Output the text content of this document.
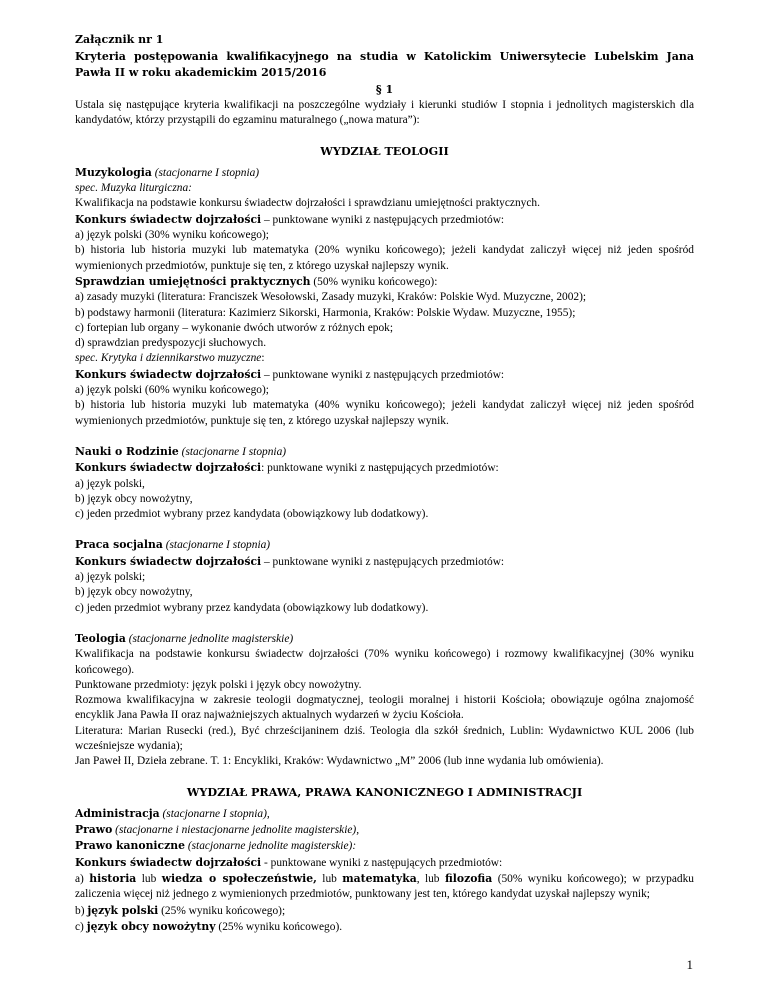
Załącznik nr 1
Kryteria postępowania kwalifikacyjnego na studia w Katolickim Uniwersytecie Lubelskim Jana Pawła II w roku akademickim 2015/2016
§ 1
Ustala się następujące kryteria kwalifikacji na poszczególne wydziały i kierunki studiów I stopnia i jednolitych magisterskich dla kandydatów, którzy przystąpili do egzaminu maturalnego („nowa matura”):
WYDZIAŁ TEOLOGII
Muzykologia (stacjonarne I stopnia)
spec. Muzyka liturgiczna:
Kwalifikacja na podstawie konkursu świadectw dojrzałości i sprawdzianu umiejętności praktycznych.
Konkurs świadectw dojrzałości – punktowane wyniki z następujących przedmiotów:
a) język polski (30% wyniku końcowego);
b) historia lub historia muzyki lub matematyka (20% wyniku końcowego); jeżeli kandydat zaliczył więcej niż jeden spośród wymienionych przedmiotów, punktuje się ten, z którego uzyskał najlepszy wynik.
Sprawdzian umiejętności praktycznych (50% wyniku końcowego):
a) zasady muzyki (literatura: Franciszek Wesołowski, Zasady muzyki, Kraków: Polskie Wyd. Muzyczne, 2002);
b) podstawy harmonii (literatura: Kazimierz Sikorski, Harmonia, Kraków: Polskie Wydaw. Muzyczne, 1955);
c) fortepian lub organy – wykonanie dwóch utworów z różnych epok;
d) sprawdzian predyspozycji słuchowych.
spec. Krytyka i dziennikarstwo muzyczne:
Konkurs świadectw dojrzałości – punktowane wyniki z następujących przedmiotów:
a) język polski (60% wyniku końcowego);
b) historia lub historia muzyki lub matematyka (40% wyniku końcowego); jeżeli kandydat zaliczył więcej niż jeden spośród wymienionych przedmiotów, punktuje się ten, z którego uzyskał najlepszy wynik.
Nauki o Rodzinie (stacjonarne I stopnia)
Konkurs świadectw dojrzałości: punktowane wyniki z następujących przedmiotów:
a) język polski,
b) język obcy nowożytny,
c) jeden przedmiot wybrany przez kandydata (obowiązkowy lub dodatkowy).
Praca socjalna (stacjonarne I stopnia)
Konkurs świadectw dojrzałości – punktowane wyniki z następujących przedmiotów:
a) język polski;
b) język obcy nowożytny,
c) jeden przedmiot wybrany przez kandydata (obowiązkowy lub dodatkowy).
Teologia (stacjonarne jednolite magisterskie)
Kwalifikacja na podstawie konkursu świadectw dojrzałości (70% wyniku końcowego) i rozmowy kwalifikacyjnej (30% wyniku końcowego).
Punktowane przedmioty: język polski i język obcy nowożytny.
Rozmowa kwalifikacyjna w zakresie teologii dogmatycznej, teologii moralnej i historii Kościoła; obowiązuje ogólna znajomość encyklik Jana Pawła II oraz najważniejszych aktualnych wydarzeń w życiu Kościoła.
Literatura: Marian Rusecki (red.), Być chrześcijaninem dziś. Teologia dla szkół średnich, Lublin: Wydawnictwo KUL 2006 (lub wcześniejsze wydania);
Jan Paweł II, Dzieła zebrane. T. 1: Encykliki, Kraków: Wydawnictwo „M” 2006 (lub inne wydania lub omówienia).
WYDZIAŁ PRAWA, PRAWA KANONICZNEGO I ADMINISTRACJI
Administracja (stacjonarne I stopnia),
Prawo (stacjonarne i niestacjonarne jednolite magisterskie),
Prawo kanoniczne (stacjonarne jednolite magisterskie):
Konkurs świadectw dojrzałości - punktowane wyniki z następujących przedmiotów:
a) historia lub wiedza o społeczeństwie, lub matematyka, lub filozofia (50% wyniku końcowego); w przypadku zaliczenia więcej niż jednego z wymienionych przedmiotów, punktowany jest ten, którego kandydat uzyskał najlepszy wynik;
b) język polski (25% wyniku końcowego);
c) język obcy nowożytny (25% wyniku końcowego).
1
